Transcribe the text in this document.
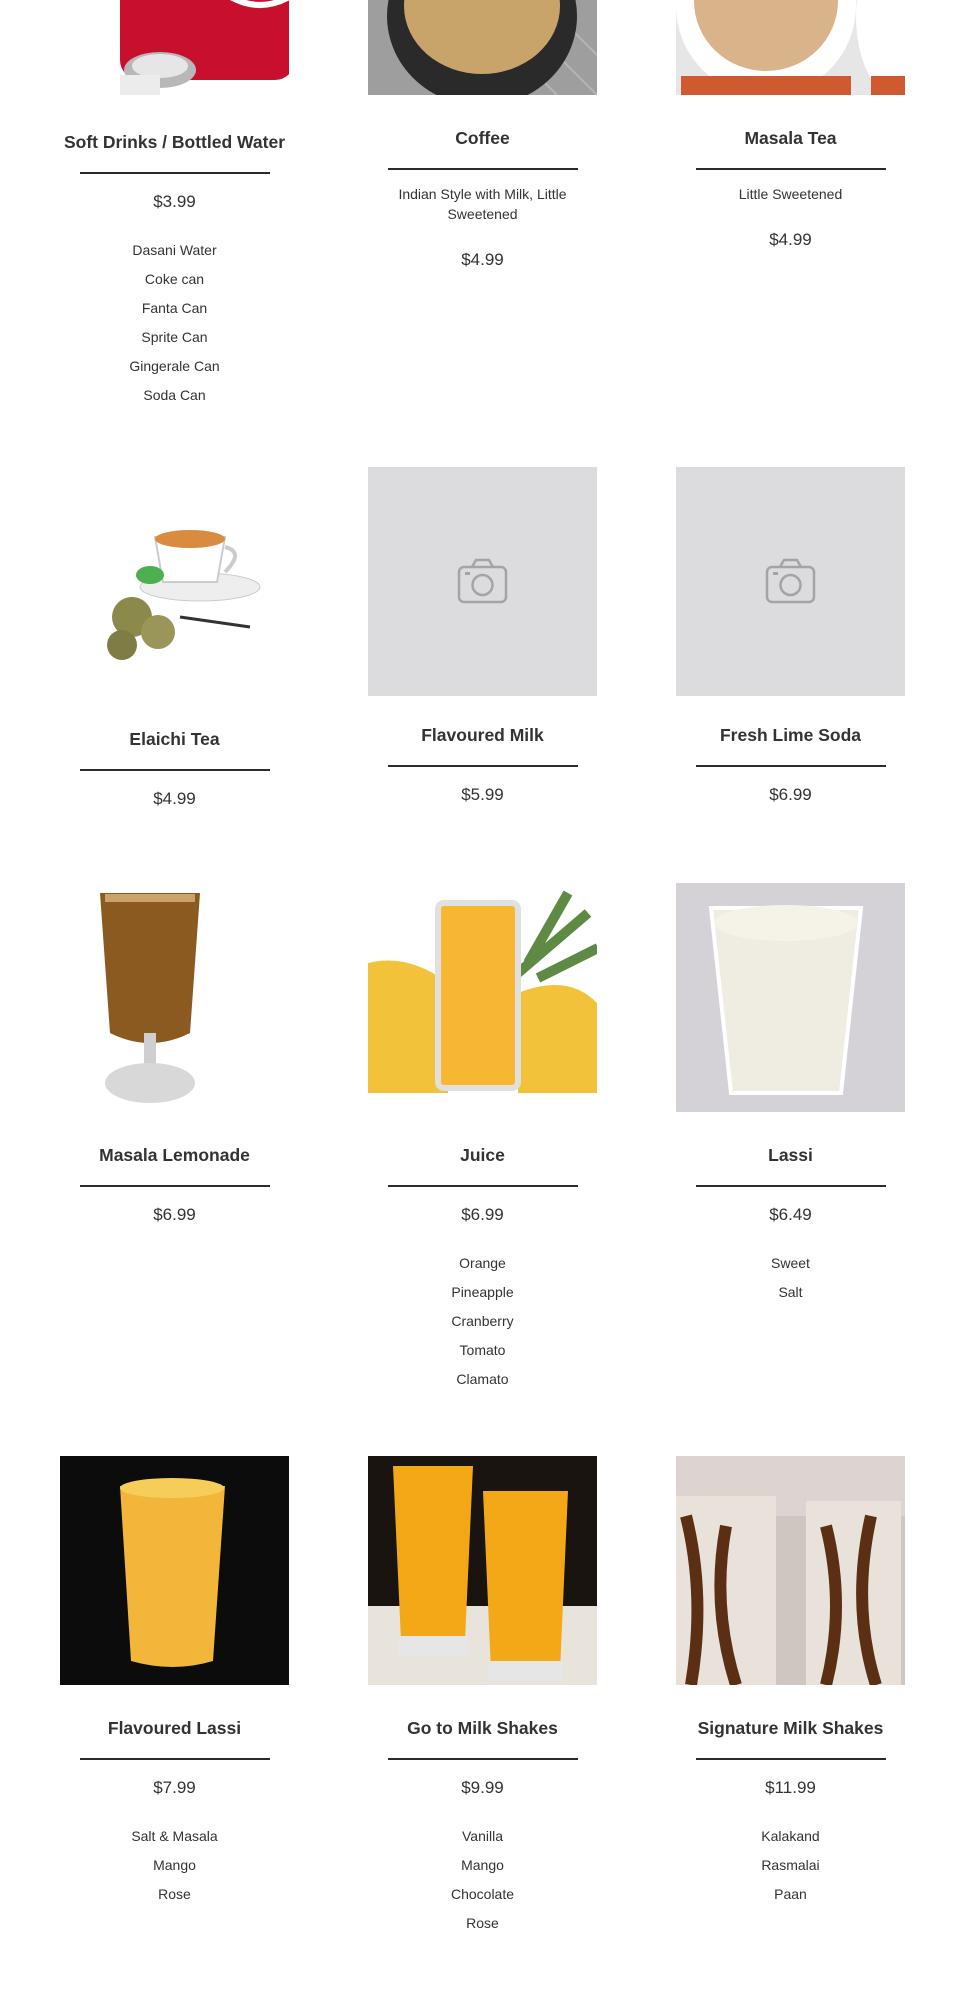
Soft Drinks / Bottled Water
$3.99
Dasani Water
Coke can
Fanta Can
Sprite Can
Gingerale Can
Soda Can
Coffee
Indian Style with Milk, Little Sweetened
$4.99
Masala Tea
Little Sweetened
$4.99
Elaichi Tea
$4.99
Flavoured Milk
$5.99
Fresh Lime Soda
$6.99
Masala Lemonade
$6.99
Juice
$6.99
Orange
Pineapple
Cranberry
Tomato
Clamato
Lassi
$6.49
Sweet
Salt
Flavoured Lassi
$7.99
Salt & Masala
Mango
Rose
Go to Milk Shakes
$9.99
Vanilla
Mango
Chocolate
Rose
Signature Milk Shakes
$11.99
Kalakand
Rasmalai
Paan
